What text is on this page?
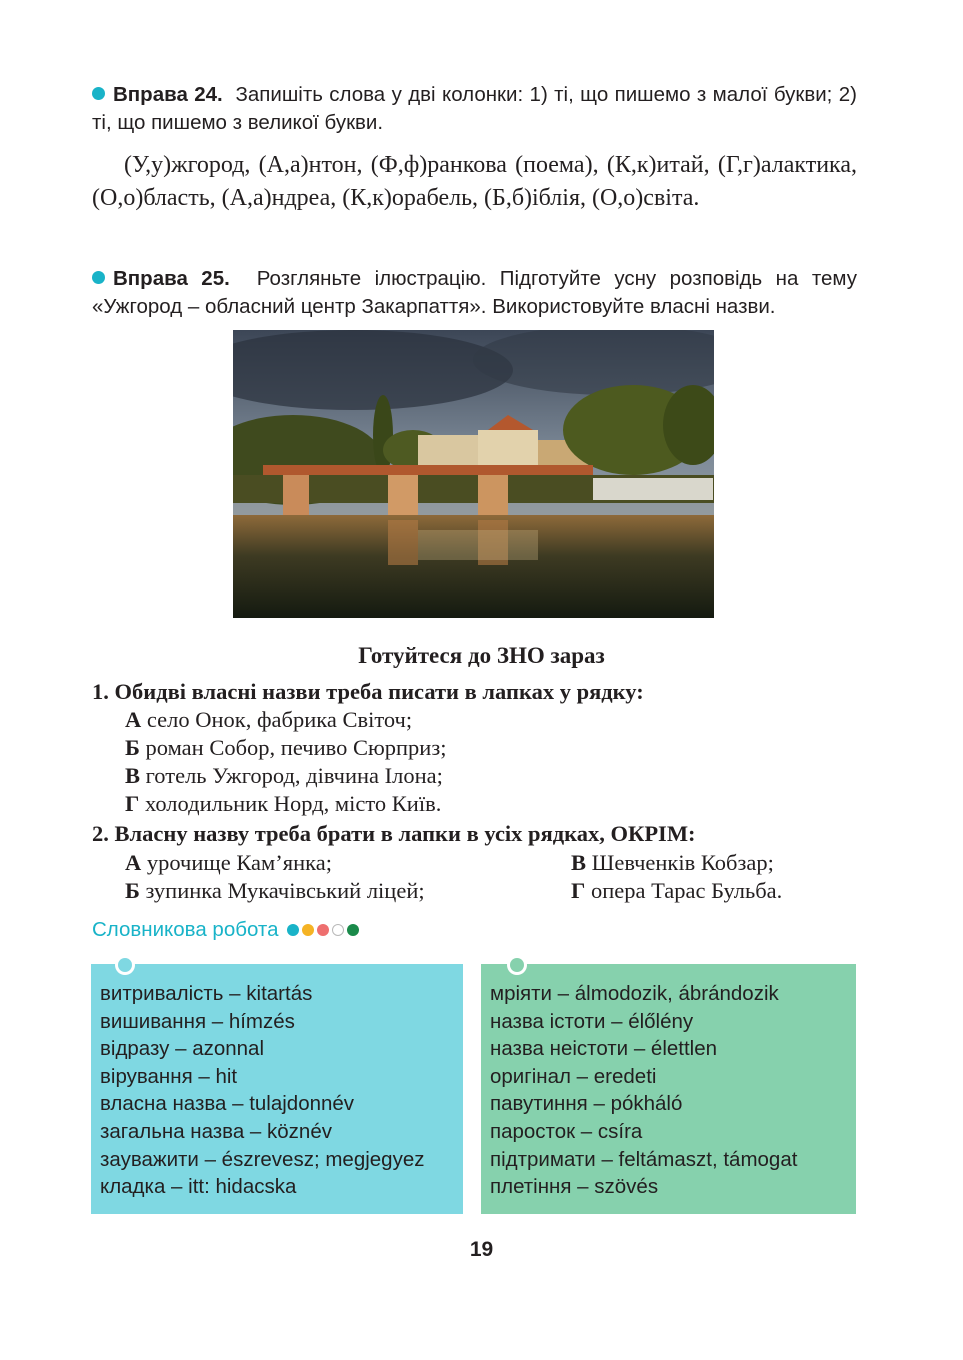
Вправа 24. Запишіть слова у дві колонки: 1) ті, що пишемо з малої букви; 2) ті, що пишемо з великої букви.
(У,у)жгород, (А,а)нтон, (Ф,ф)ранкова (поема), (К,к)итай, (Г,г)алактика, (О,о)бласть, (А,а)ндреа, (К,к)орабель, (Б,б)іблія, (О,о)світа.
Вправа 25. Розгляньте ілюстрацію. Підготуйте усну розповідь на тему «Ужгород – обласний центр Закарпаття». Використовуйте власні назви.
Готуйтеся до ЗНО зараз
1. Обидві власні назви треба писати в лапках у рядку:
А село Онок, фабрика Світоч;
Б роман Собор, печиво Сюрприз;
В готель Ужгород, дівчина Ілона;
Г холодильник Норд, місто Київ.
2. Власну назву треба брати в лапки в усіх рядках, ОКРІМ:
А урочище Кам’янка;
Б зупинка Мукачівський ліцей;
В Шевченків Кобзар;
Г опера Тарас Бульба.
Словникова робота
витривалість – kitartás
вишивання – hímzés
відразу – azonnal
вірування – hit
власна назва – tulajdonnév
загальна назва – köznév
зауважити – észrevesz; megjegyez
кладка – itt: hidacska
мріяти – álmodozik, ábrándozik
назва істоти – élőlény
назва неістоти – élettlen
оригінал – eredeti
павутиння – pókháló
паросток – csíra
підтримати – feltámaszt, támogat
плетіння – szövés
19
